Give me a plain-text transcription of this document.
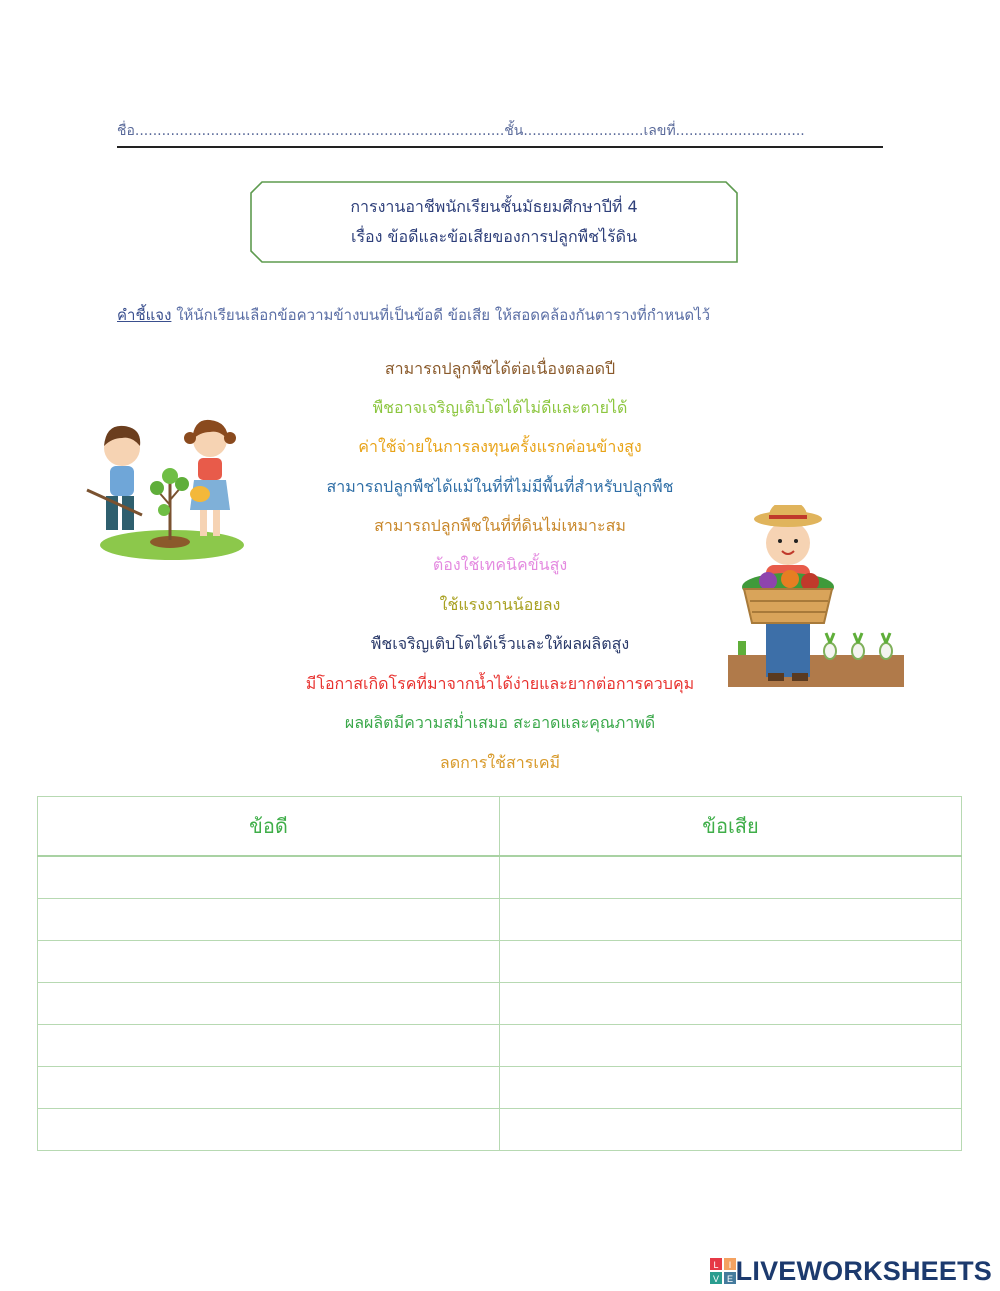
ชื่อ...................................................................................ชั้น...........................เลขที่.............................
การงานอาชีพนักเรียนชั้นมัธยมศึกษาปีที่ 4
เรื่อง ข้อดีและข้อเสียของการปลูกพืชไร้ดิน
คำชี้แจง ให้นักเรียนเลือกข้อความข้างบนที่เป็นข้อดี ข้อเสีย ให้สอดคล้องกันตารางที่กำหนดไว้
สามารถปลูกพืชได้ต่อเนื่องตลอดปี
พืชอาจเจริญเติบโตได้ไม่ดีและตายได้
ค่าใช้จ่ายในการลงทุนครั้งแรกค่อนข้างสูง
สามารถปลูกพืชได้แม้ในที่ที่ไม่มีพื้นที่สำหรับปลูกพืช
สามารถปลูกพืชในที่ที่ดินไม่เหมาะสม
ต้องใช้เทคนิคขั้นสูง
ใช้แรงงานน้อยลง
พืชเจริญเติบโตได้เร็วและให้ผลผลิตสูง
มีโอกาสเกิดโรคที่มาจากน้ำได้ง่ายและยากต่อการควบคุม
ผลผลิตมีความสม่ำเสมอ สะอาดและคุณภาพดี
ลดการใช้สารเคมี
ข้อดี	ข้อเสีย

L I
V E LIVEWORKSHEETS
